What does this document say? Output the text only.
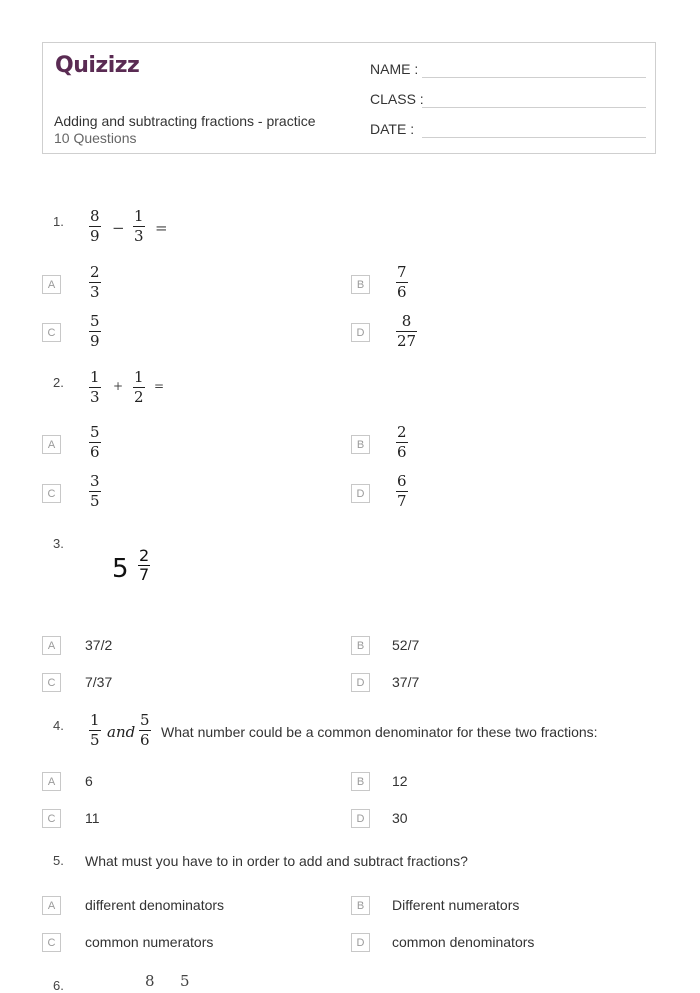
Quizizz
Adding and subtracting fractions - practice
10 Questions
NAME :
CLASS :
DATE :
1. $\frac{8}{9} - \frac{1}{3}$ =
A	$\frac{2}{3}$	B	$\frac{7}{6}$
C	$\frac{5}{9}$	D	$\frac{8}{27}$
2. $\frac{1}{3} + \frac{1}{2}$ =
A	$\frac{5}{6}$	B	$\frac{2}{6}$
C	$\frac{3}{5}$	D	$\frac{6}{7}$
3.
$5 \frac{2}{7}$
A	37/2	B	52/7
C	7/37	D	37/7
4. $\frac{1}{5}$ and $\frac{5}{6}$ What number could be a common denominator for these two fractions:
A	6	B	12
C	11	D	30
5. What must you have to in order to add and subtract fractions?
A	different denominators	B	Different numerators
C	common numerators	D	common denominators
6.	8 5
